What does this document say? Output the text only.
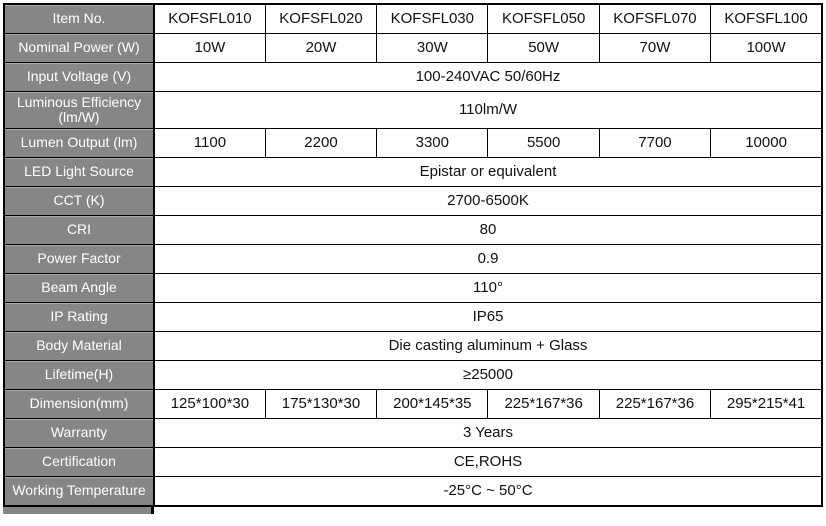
Item No.	KOFSFL010	KOFSFL020	KOFSFL030	KOFSFL050	KOFSFL070	KOFSFL100
Nominal Power (W)	10W	20W	30W	50W	70W	100W
Input Voltage (V)	100-240VAC 50/60Hz					
Luminous Efficiency (lm/W)	110lm/W					
Lumen Output (lm)	1100	2200	3300	5500	7700	10000
LED Light Source	Epistar or equivalent					
CCT (K)	2700-6500K					
CRI	80					
Power Factor	0.9					
Beam Angle	110°					
IP Rating	IP65					
Body Material	Die casting aluminum + Glass					
Lifetime(H)	≥25000					
Dimension(mm)	125*100*30	175*130*30	200*145*35	225*167*36	225*167*36	295*215*41
Warranty	3 Years					
Certification	CE,ROHS					
Working Temperature	-25°C ~ 50°C					
